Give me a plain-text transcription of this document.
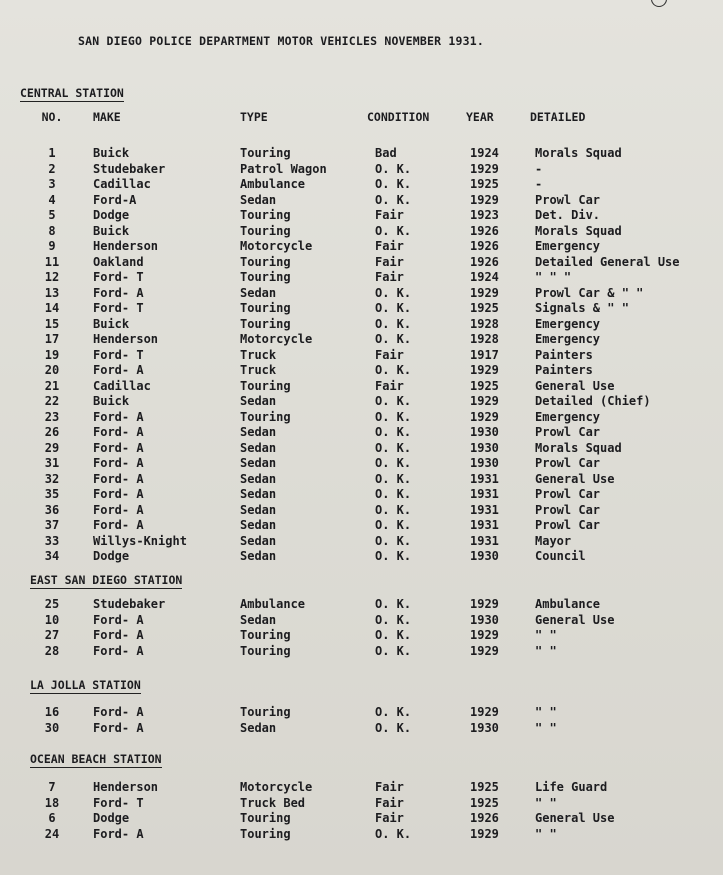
SAN DIEGO POLICE DEPARTMENT MOTOR VEHICLES NOVEMBER 1931.
CENTRAL STATION
NO.	MAKE	TYPE	CONDITION	YEAR	DETAILED
1	Buick	Touring	Bad	1924	Morals Squad
2	Studebaker	Patrol Wagon	O. K.	1929	-
3	Cadillac	Ambulance	O. K.	1925	-
4	Ford-A	Sedan	O. K.	1929	Prowl Car
5	Dodge	Touring	Fair	1923	Det. Div.
8	Buick	Touring	O. K.	1926	Morals Squad
9	Henderson	Motorcycle	Fair	1926	Emergency
11	Oakland	Touring	Fair	1926	Detailed General Use
12	Ford- T	Touring	Fair	1924	" " "
13	Ford- A	Sedan	O. K.	1929	Prowl Car & " "
14	Ford- T	Touring	O. K.	1925	Signals & " "
15	Buick	Touring	O. K.	1928	Emergency
17	Henderson	Motorcycle	O. K.	1928	Emergency
19	Ford- T	Truck	Fair	1917	Painters
20	Ford- A	Truck	O. K.	1929	Painters
21	Cadillac	Touring	Fair	1925	General Use
22	Buick	Sedan	O. K.	1929	Detailed (Chief)
23	Ford- A	Touring	O. K.	1929	Emergency
26	Ford- A	Sedan	O. K.	1930	Prowl Car
29	Ford- A	Sedan	O. K.	1930	Morals Squad
31	Ford- A	Sedan	O. K.	1930	Prowl Car
32	Ford- A	Sedan	O. K.	1931	General Use
35	Ford- A	Sedan	O. K.	1931	Prowl Car
36	Ford- A	Sedan	O. K.	1931	Prowl Car
37	Ford- A	Sedan	O. K.	1931	Prowl Car
33	Willys-Knight	Sedan	O. K.	1931	Mayor
34	Dodge	Sedan	O. K.	1930	Council
EAST SAN DIEGO STATION
25	Studebaker	Ambulance	O. K.	1929	Ambulance
10	Ford- A	Sedan	O. K.	1930	General Use
27	Ford- A	Touring	O. K.	1929	" "
28	Ford- A	Touring	O. K.	1929	" "
LA JOLLA STATION
16	Ford- A	Touring	O. K.	1929	" "
30	Ford- A	Sedan	O. K.	1930	" "
OCEAN BEACH STATION
7	Henderson	Motorcycle	Fair	1925	Life Guard
18	Ford- T	Truck Bed	Fair	1925	" "
6	Dodge	Touring	Fair	1926	General Use
24	Ford- A	Touring	O. K.	1929	" "
